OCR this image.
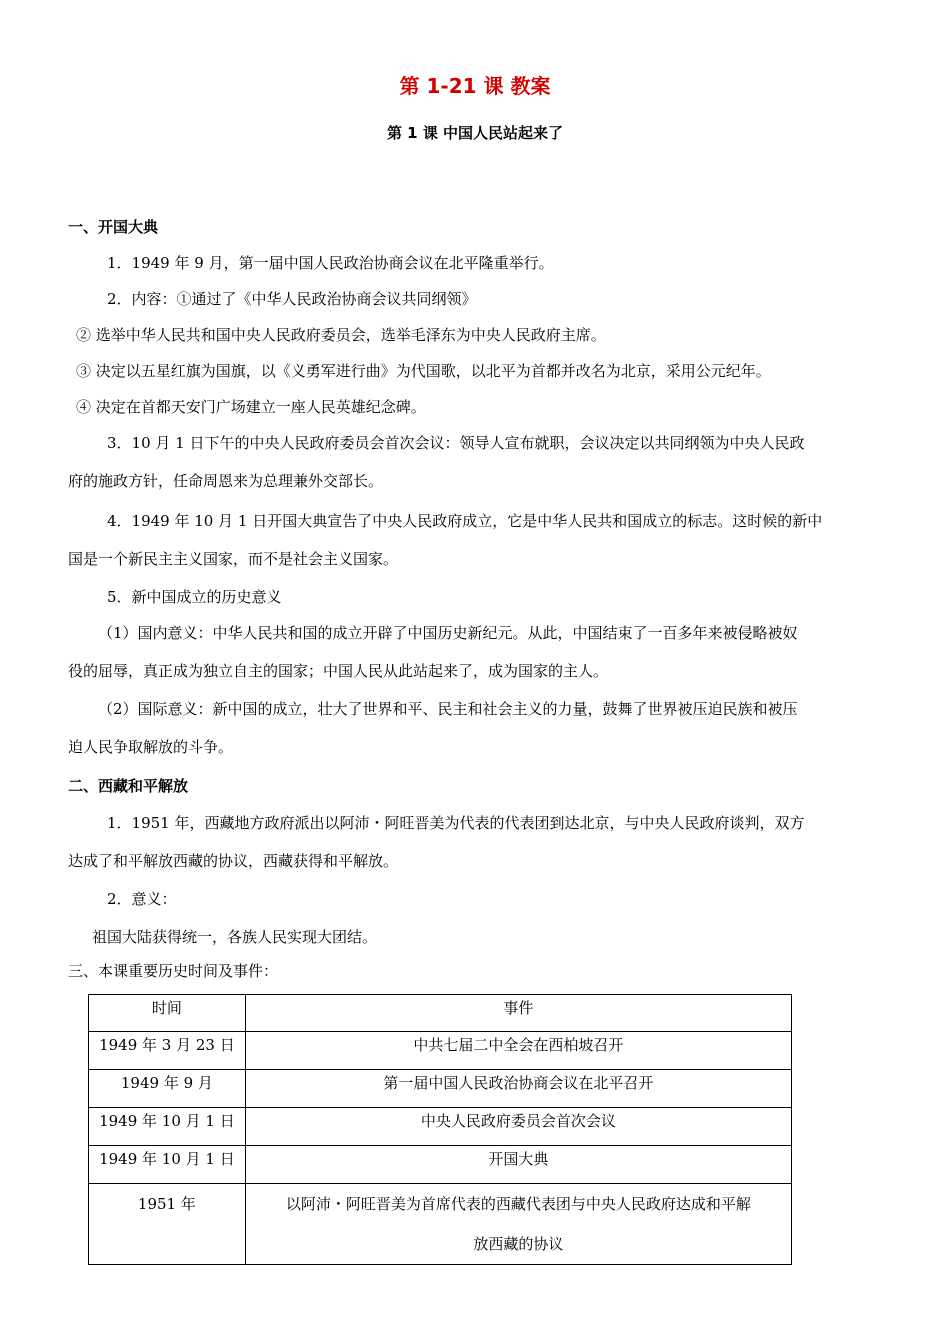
第 1-21 课 教案
第 1 课 中国人民站起来了
一、开国大典
1．1949 年 9 月，第一届中国人民政治协商会议在北平隆重举行。
2．内容：①通过了《中华人民政治协商会议共同纲领》
② 选举中华人民共和国中央人民政府委员会，选举毛泽东为中央人民政府主席。
③ 决定以五星红旗为国旗，以《义勇军进行曲》为代国歌，以北平为首都并改名为北京，采用公元纪年。
④ 决定在首都天安门广场建立一座人民英雄纪念碑。
3．10 月 1 日下午的中央人民政府委员会首次会议：领导人宣布就职，会议决定以共同纲领为中央人民政
府的施政方针，任命周恩来为总理兼外交部长。
4．1949 年 10 月 1 日开国大典宣告了中央人民政府成立，它是中华人民共和国成立的标志。这时候的新中
国是一个新民主主义国家，而不是社会主义国家。
5．新中国成立的历史意义
（1）国内意义：中华人民共和国的成立开辟了中国历史新纪元。从此，中国结束了一百多年来被侵略被奴
役的屈辱，真正成为独立自主的国家；中国人民从此站起来了，成为国家的主人。
（2）国际意义：新中国的成立，壮大了世界和平、民主和社会主义的力量，鼓舞了世界被压迫民族和被压
迫人民争取解放的斗争。
二、西藏和平解放
1．1951 年，西藏地方政府派出以阿沛・阿旺晋美为代表的代表团到达北京，与中央人民政府谈判，双方
达成了和平解放西藏的协议，西藏获得和平解放。
2．意义：
祖国大陆获得统一，各族人民实现大团结。
三、本课重要历史时间及事件：
时间	事件
1949 年 3 月 23 日	中共七届二中全会在西柏坡召开
1949 年 9 月	第一届中国人民政治协商会议在北平召开
1949 年 10 月 1 日	中央人民政府委员会首次会议
1949 年 10 月 1 日	开国大典
1951 年	以阿沛・阿旺晋美为首席代表的西藏代表团与中央人民政府达成和平解
放西藏的协议
